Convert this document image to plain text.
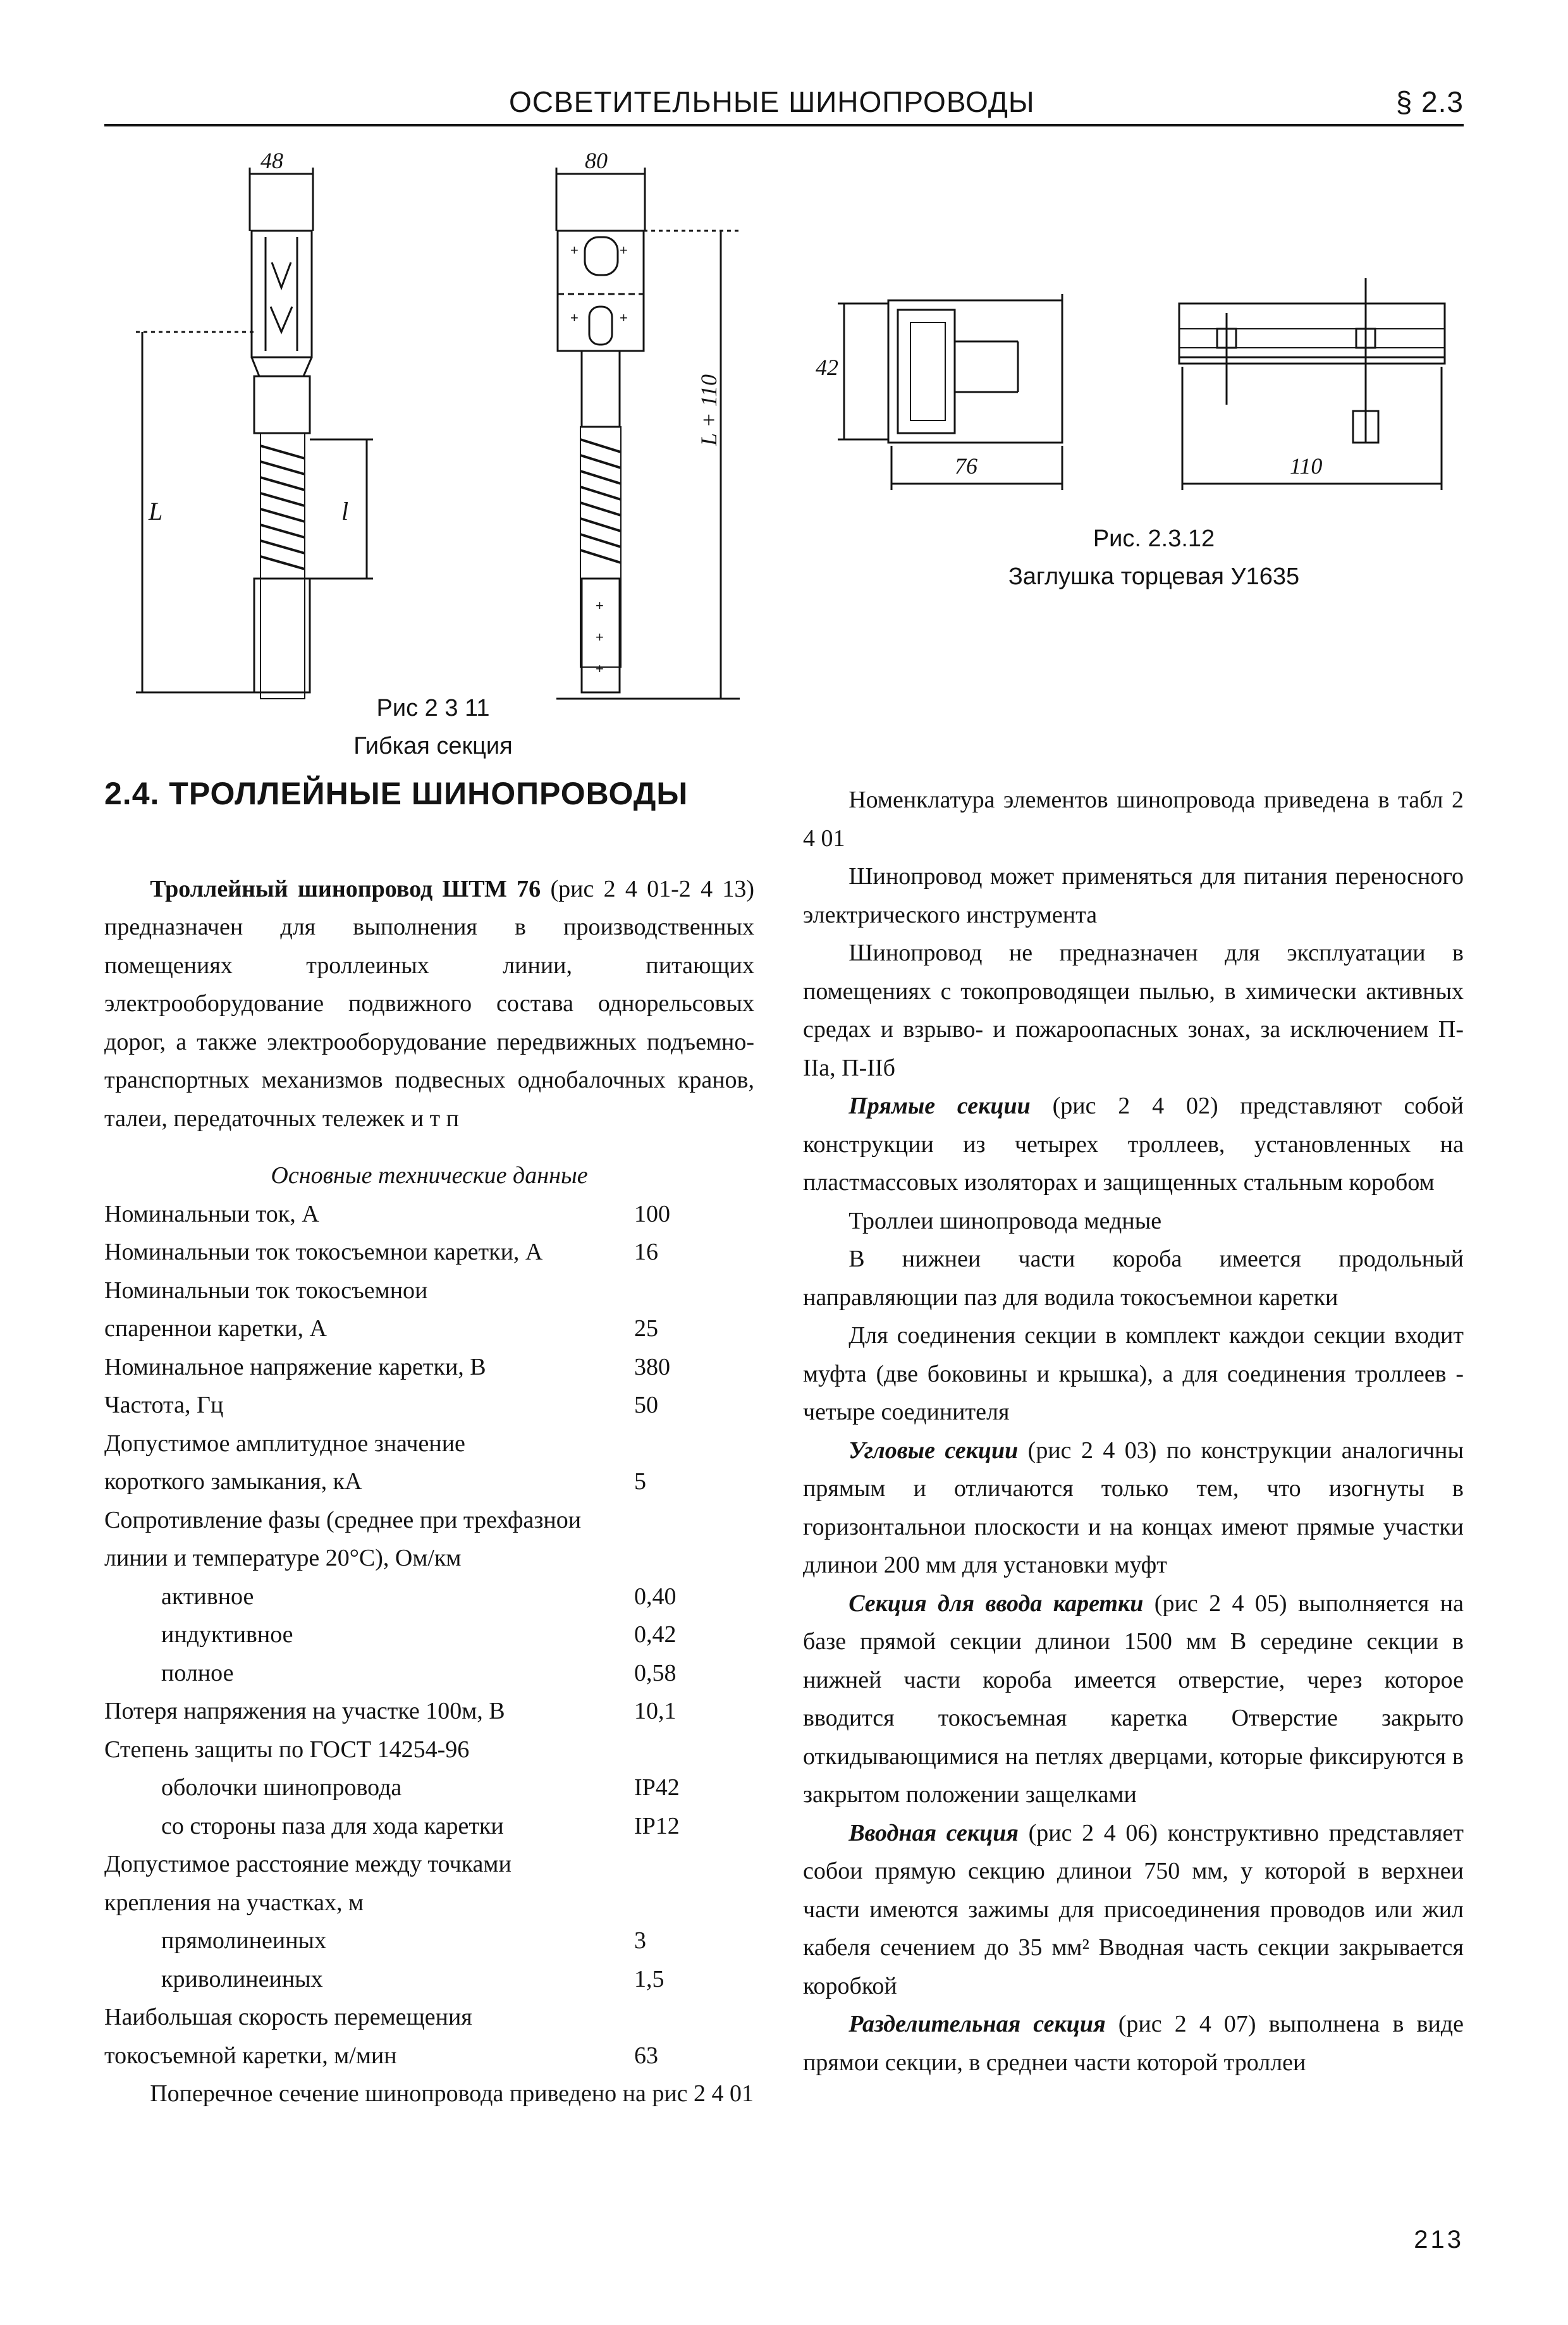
ОСВЕТИТЕЛЬНЫЕ ШИНОПРОВОДЫ	§ 2.3
+	+
+	+
+
+
+
48	80
L	l
L + 110
Рис 2 3 11
Гибкая секция
42
76	110
Рис. 2.3.12
Заглушка торцевая У1635
2.4. ТРОЛЛЕЙНЫЕ ШИНОПРОВОДЫ

Троллейный шинопровод ШТМ 76 (рис 2 4 01-2 4 13) предназначен для выполнения в производственных помещениях троллеиных линии, питающих электрооборудование подвижного состава однорельсовых дорог, а также электрооборудование передвижных подъемно-транспортных механизмов подвесных однобалочных кранов, талеи, передаточных тележек и т п

Основные технические данные
Номинальныи ток, А	100
Номинальныи ток токосъемнои каретки, А	16
Номинальныи ток токосъемнои
спареннои каретки, А	25
Номинальное напряжение каретки, В	380
Частота, Гц	50
Допустимое амплитудное значение
короткого замыкания, кА	5
Сопротивление фазы (среднее при трехфазнои
линии и температуре 20°С), Ом/км
активное	0,40
индуктивное	0,42
полное	0,58
Потеря напряжения на участке 100м, В	10,1
Степень защиты по ГОСТ 14254-96
оболочки шинопровода	IP42
со стороны паза для хода каретки	IP12
Допустимое расстояние между точками
крепления на участках, м
прямолинеиных	3
криволинеиных	1,5
Наибольшая скорость перемещения
токосъемной каретки, м/мин	63

Поперечное сечение шинопровода приведено на рис 2 4 01

Номенклатура элементов шинопровода приведена в табл 2 4 01

Шинопровод может применяться для питания переносного электрического инструмента

Шинопровод не предназначен для эксплуатации в помещениях с токопроводящеи пылью, в химически активных средах и взрыво- и пожароопасных зонах, за исключением П-IIа, П-IIб

Прямые секции (рис 2 4 02) представляют собой конструкции из четырех троллеев, установленных на пластмассовых изоляторах и защищенных стальным коробом

Троллеи шинопровода медные

В нижнеи части короба имеется продольный направляющии паз для водила токосъемнои каретки

Для соединения секции в комплект каждои секции входит муфта (две боковины и крышка), а для соединения троллеев - четыре соединителя

Угловые секции (рис 2 4 03) по конструкции аналогичны прямым и отличаются только тем, что изогнуты в горизонтальнои плоскости и на концах имеют прямые участки длинои 200 мм для установки муфт

Секция для ввода каретки (рис 2 4 05) выполняется на базе прямой секции длинои 1500 мм В середине секции в нижней части короба имеется отверстие, через которое вводится токосъемная каретка Отверстие закрыто откидывающимися на петлях дверцами, которые фиксируются в закрытом положении защелками

Вводная секция (рис 2 4 06) конструктивно представляет собои прямую секцию длинои 750 мм, у которой в верхнеи части имеются зажимы для присоединения проводов или жил кабеля сечением до 35 мм² Вводная часть секции закрывается коробкой

Разделительная секция (рис 2 4 07) выполнена в виде прямои секции, в среднеи части которой троллеи

213
